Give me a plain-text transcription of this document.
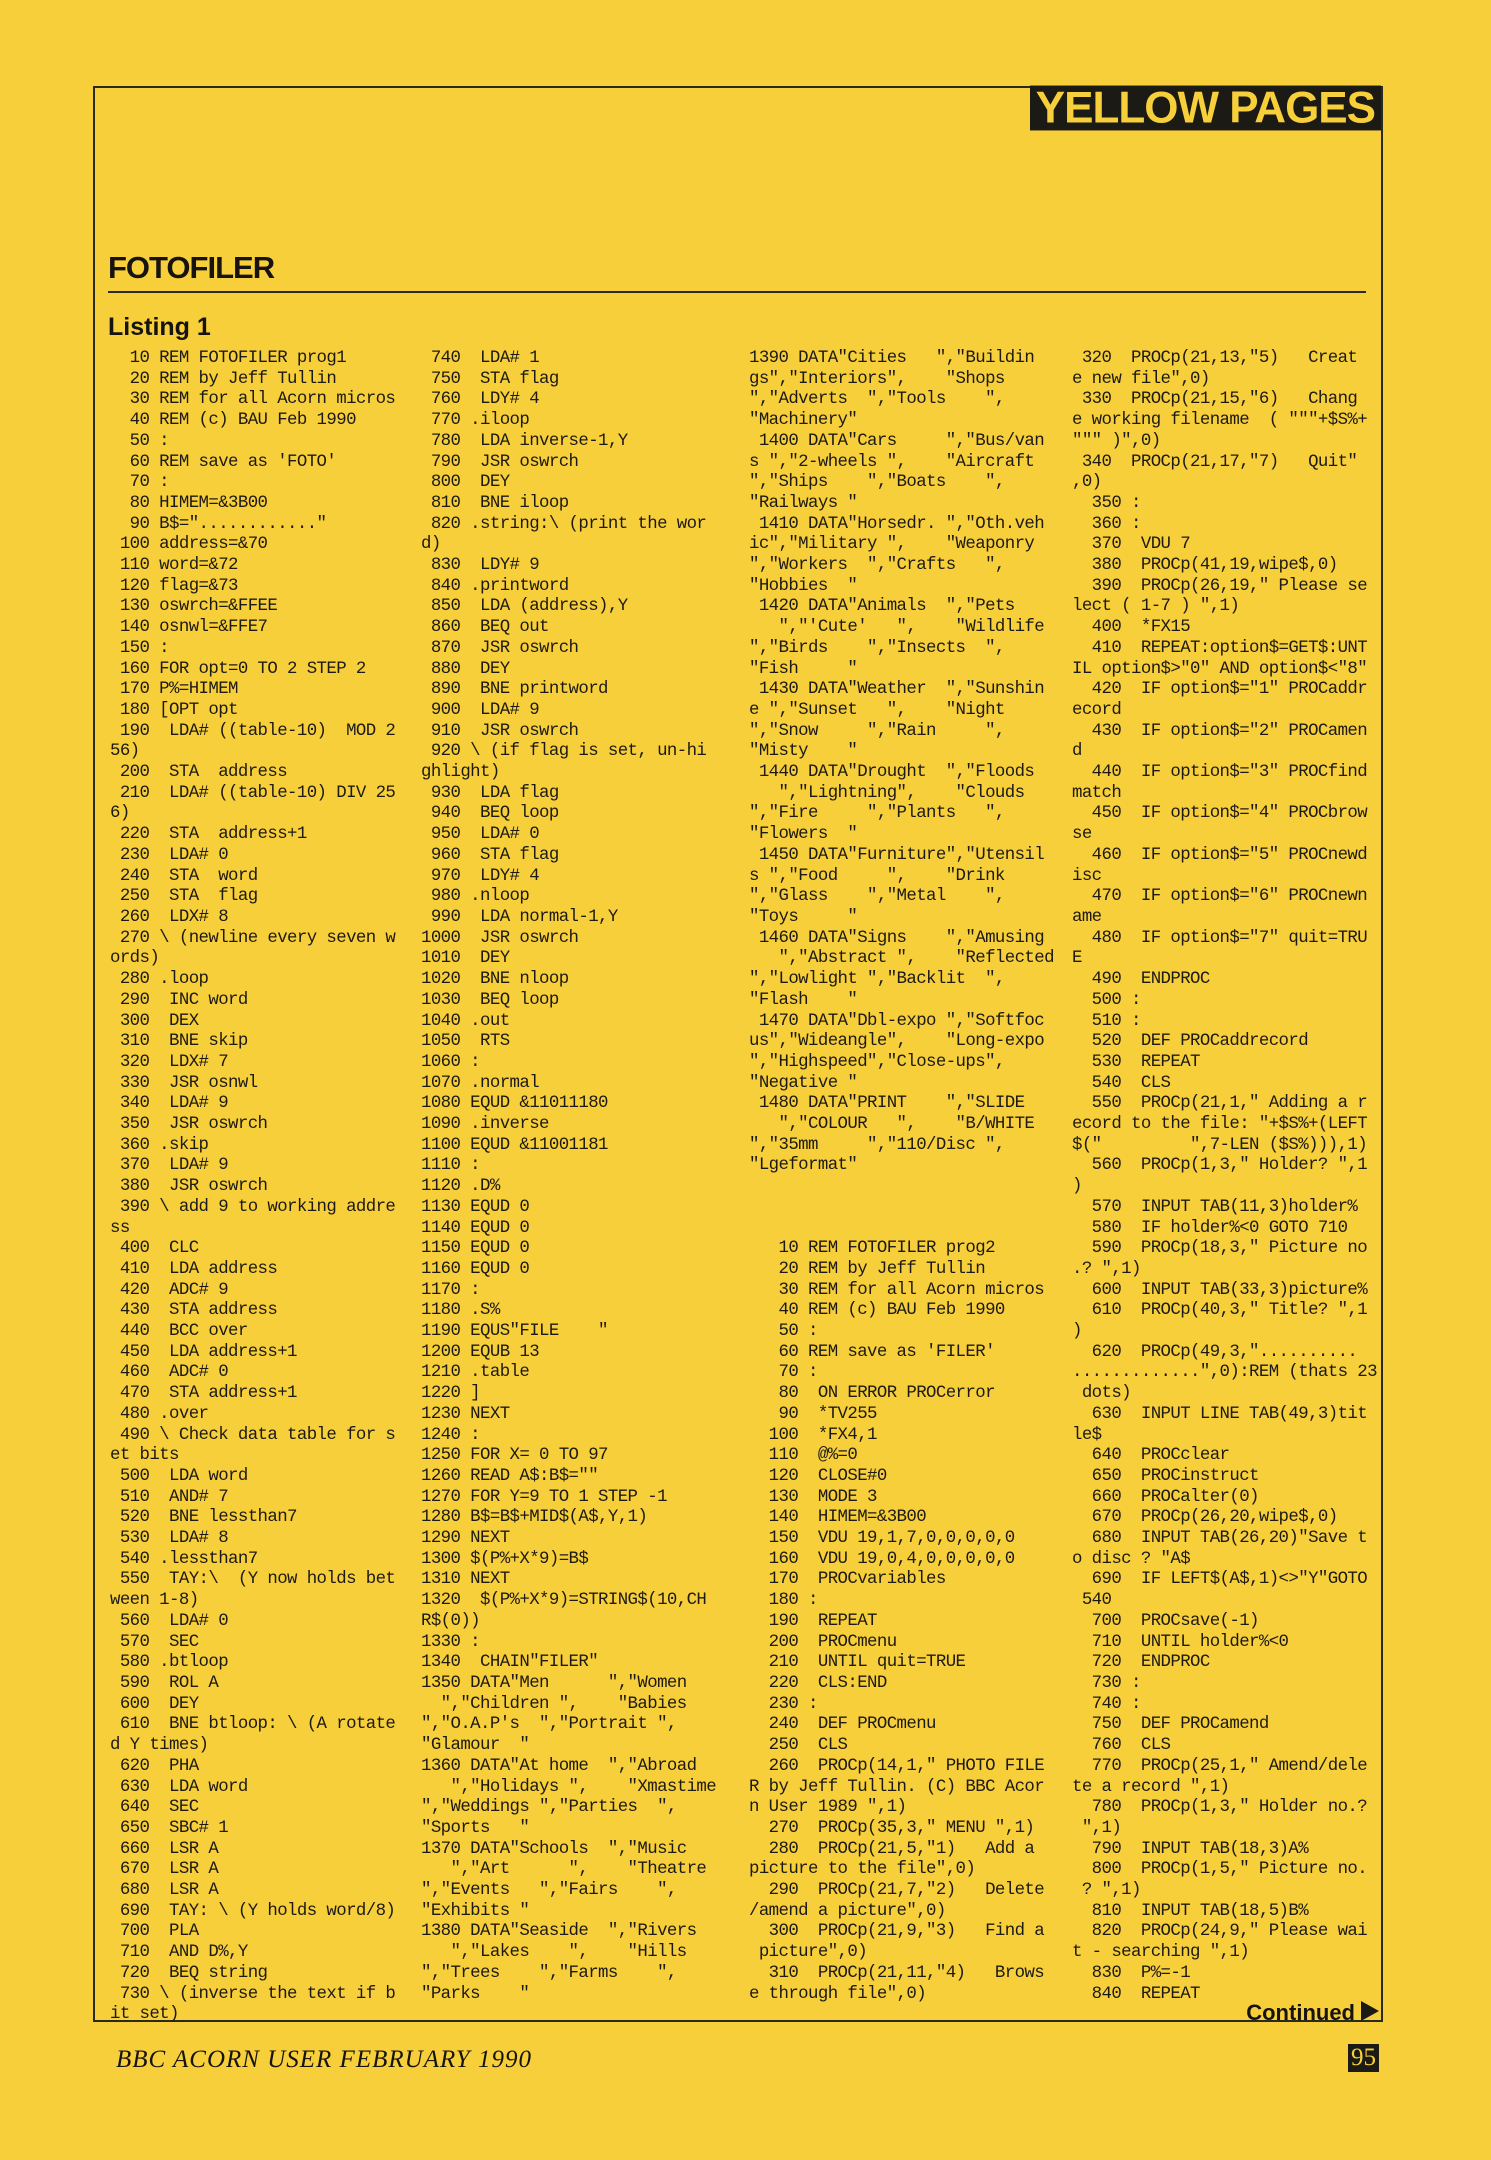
YELLOW PAGES
FOTOFILER
Listing 1
10 REM FOTOFILER prog1
20 REM by Jeff Tullin
30 REM for all Acorn micros
40 REM (c) BAU Feb 1990
50 :
60 REM save as 'FOTO'
70 :
80 HIMEM=&3B00
90 B$="............"
100 address=&70
110 word=&72
120 flag=&73
130 oswrch=&FFEE
140 osnwl=&FFE7
150 :
160 FOR opt=0 TO 2 STEP 2
170 P%=HIMEM
180 [OPT opt
190  LDA# ((table-10)  MOD 2
56)
200  STA  address
210  LDA# ((table-10) DIV 25
6)
220  STA  address+1
230  LDA# 0
240  STA  word
250  STA  flag
260  LDX# 8
270 \ (newline every seven w
ords)
280 .loop
290  INC word
300  DEX
310  BNE skip
320  LDX# 7
330  JSR osnwl
340  LDA# 9
350  JSR oswrch
360 .skip
370  LDA# 9
380  JSR oswrch
390 \ add 9 to working addre
ss
400  CLC
410  LDA address
420  ADC# 9
430  STA address
440  BCC over
450  LDA address+1
460  ADC# 0
470  STA address+1
480 .over
490 \ Check data table for s
et bits
500  LDA word
510  AND# 7
520  BNE lessthan7
530  LDA# 8
540 .lessthan7
550  TAY:\  (Y now holds bet
ween 1-8)
560  LDA# 0
570  SEC
580 .btloop
590  ROL A
600  DEY
610  BNE btloop: \ (A rotate
d Y times)
620  PHA
630  LDA word
640  SEC
650  SBC# 1
660  LSR A
670  LSR A
680  LSR A
690  TAY: \ (Y holds word/8)
700  PLA
710  AND D%,Y
720  BEQ string
730 \ (inverse the text if b
it set)
740  LDA# 1
750  STA flag
760  LDY# 4
770 .iloop
780  LDA inverse-1,Y
790  JSR oswrch
800  DEY
810  BNE iloop
820 .string:\ (print the wor
d)
830  LDY# 9
840 .printword
850  LDA (address),Y
860  BEQ out
870  JSR oswrch
880  DEY
890  BNE printword
900  LDA# 9
910  JSR oswrch
920 \ (if flag is set, un-hi
ghlight)
930  LDA flag
940  BEQ loop
950  LDA# 0
960  STA flag
970  LDY# 4
980 .nloop
990  LDA normal-1,Y
1000  JSR oswrch
1010  DEY
1020  BNE nloop
1030  BEQ loop
1040 .out
1050  RTS
1060 :
1070 .normal
1080 EQUD &11011180
1090 .inverse
1100 EQUD &11001181
1110 :
1120 .D%
1130 EQUD 0
1140 EQUD 0
1150 EQUD 0
1160 EQUD 0
1170 :
1180 .S%
1190 EQUS"FILE    "
1200 EQUB 13
1210 .table
1220 ]
1230 NEXT
1240 :
1250 FOR X= 0 TO 97
1260 READ A$:B$=""
1270 FOR Y=9 TO 1 STEP -1
1280 B$=B$+MID$(A$,Y,1)
1290 NEXT
1300 $(P%+X*9)=B$
1310 NEXT
1320  $(P%+X*9)=STRING$(10,CH
R$(0))
1330 :
1340  CHAIN"FILER"
1350 DATA"Men      ","Women
","Children ",    "Babies
","O.A.P's  ","Portrait ",
"Glamour  "
1360 DATA"At home  ","Abroad
","Holidays ",    "Xmastime
","Weddings ","Parties  ",
"Sports   "
1370 DATA"Schools  ","Music
","Art      ",    "Theatre
","Events   ","Fairs    ",
"Exhibits "
1380 DATA"Seaside  ","Rivers
","Lakes    ",    "Hills
","Trees    ","Farms    ",
"Parks    "
1390 DATA"Cities   ","Buildin
gs","Interiors",    "Shops
","Adverts  ","Tools    ",
"Machinery"
1400 DATA"Cars     ","Bus/van
s ","2-wheels ",    "Aircraft
","Ships    ","Boats    ",
"Railways "
1410 DATA"Horsedr. ","Oth.veh
ic","Military ",    "Weaponry
","Workers  ","Crafts   ",
"Hobbies  "
1420 DATA"Animals  ","Pets
","'Cute'   ",    "Wildlife
","Birds    ","Insects  ",
"Fish     "
1430 DATA"Weather  ","Sunshin
e ","Sunset   ",    "Night
","Snow     ","Rain     ",
"Misty    "
1440 DATA"Drought  ","Floods
","Lightning",    "Clouds
","Fire     ","Plants   ",
"Flowers  "
1450 DATA"Furniture","Utensil
s ","Food     ",    "Drink
","Glass    ","Metal    ",
"Toys     "
1460 DATA"Signs    ","Amusing
","Abstract ",    "Reflected
","Lowlight ","Backlit  ",
"Flash    "
1470 DATA"Dbl-expo ","Softfoc
us","Wideangle",    "Long-expo
","Highspeed","Close-ups",
"Negative "
1480 DATA"PRINT    ","SLIDE
","COLOUR   ",    "B/WHITE
","35mm     ","110/Disc ",
"Lgeformat"

10 REM FOTOFILER prog2
20 REM by Jeff Tullin
30 REM for all Acorn micros
40 REM (c) BAU Feb 1990
50 :
60 REM save as 'FILER'
70 :
80  ON ERROR PROCerror
90  *TV255
100  *FX4,1
110  @%=0
120  CLOSE#0
130  MODE 3
140  HIMEM=&3B00
150  VDU 19,1,7,0,0,0,0,0
160  VDU 19,0,4,0,0,0,0,0
170  PROCvariables
180 :
190  REPEAT
200  PROCmenu
210  UNTIL quit=TRUE
220  CLS:END
230 :
240  DEF PROCmenu
250  CLS
260  PROCp(14,1," PHOTO FILE
R by Jeff Tullin. (C) BBC Acor
n User 1989 ",1)
270  PROCp(35,3," MENU ",1)
280  PROCp(21,5,"1)   Add a
picture to the file",0)
290  PROCp(21,7,"2)   Delete
/amend a picture",0)
300  PROCp(21,9,"3)   Find a
picture",0)
310  PROCp(21,11,"4)   Brows
e through file",0)
320  PROCp(21,13,"5)   Creat
e new file",0)
330  PROCp(21,15,"6)   Chang
e working filename  ( """+$S%+
""" )",0)
340  PROCp(21,17,"7)   Quit"
,0)
350 :
360 :
370  VDU 7
380  PROCp(41,19,wipe$,0)
390  PROCp(26,19," Please se
lect ( 1-7 ) ",1)
400  *FX15
410  REPEAT:option$=GET$:UNT
IL option$>"0" AND option$<"8"
420  IF option$="1" PROCaddr
ecord
430  IF option$="2" PROCamen
d
440  IF option$="3" PROCfind
match
450  IF option$="4" PROCbrow
se
460  IF option$="5" PROCnewd
isc
470  IF option$="6" PROCnewn
ame
480  IF option$="7" quit=TRU
E
490  ENDPROC
500 :
510 :
520  DEF PROCaddrecord
530  REPEAT
540  CLS
550  PROCp(21,1," Adding a r
ecord to the file: "+$S%+(LEFT
$("         ",7-LEN ($S%))),1)
560  PROCp(1,3," Holder? ",1
)
570  INPUT TAB(11,3)holder%
580  IF holder%<0 GOTO 710
590  PROCp(18,3," Picture no
.? ",1)
600  INPUT TAB(33,3)picture%
610  PROCp(40,3," Title? ",1
)
620  PROCp(49,3,"..........
.............",0):REM (thats 23
dots)
630  INPUT LINE TAB(49,3)tit
le$
640  PROCclear
650  PROCinstruct
660  PROCalter(0)
670  PROCp(26,20,wipe$,0)
680  INPUT TAB(26,20)"Save t
o disc ? "A$
690  IF LEFT$(A$,1)<>"Y"GOTO
540
700  PROCsave(-1)
710  UNTIL holder%<0
720  ENDPROC
730 :
740 :
750  DEF PROCamend
760  CLS
770  PROCp(25,1," Amend/dele
te a record ",1)
780  PROCp(1,3," Holder no.?
",1)
790  INPUT TAB(18,3)A%
800  PROCp(1,5," Picture no.
? ",1)
810  INPUT TAB(18,5)B%
820  PROCp(24,9," Please wai
t - searching ",1)
830  P%=-1
840  REPEAT
Continued
BBC ACORN USER FEBRUARY 1990	95
